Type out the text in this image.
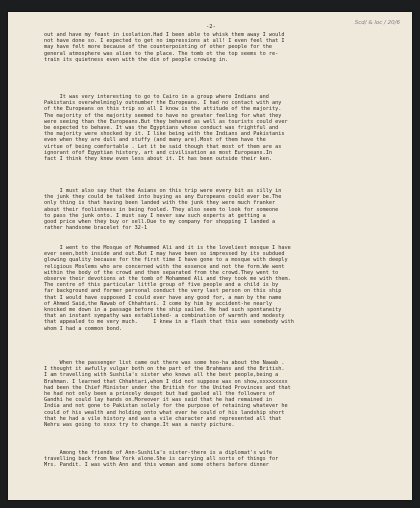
Scd/ & loc / 20/6
-2-
out and have my feast in isolation.Had I been able to whisk them away I would
not have done so. I expected to get no impressions at all! I even feel that I
may have felt more because of the counterpointing of other people for the
general atmosphere was alien to the place. The tomb ot the top seems to re-
train its quietness even with the din of people crowing in.
It was very interesting to go to Cairo in a group where Indians and
Pakistanis overwhelmingly outnumber the Europeans. I had no contact with any
of the Europeans on this trip so all I know is the attitude of the majority.
The majority of the majority seemed to have no greater feeling for what they
were seeing than the Europeans.But they behaved as well as tourists could ever
be expected to behave. It was the Egyptians whose conduct was frightful and
the majority were shocked by it. I like being with the Indians and Pakistanis
even when they are dull and stuffy (and many are).Most of them have the
virtue of being comfortable . Let it be said though that most of them are as
ignorant ofof Egyptian history, art and civilisation as most Europeans.In
fact I think they knew even less about it. It has been outside their ken.
I must also say that the Asians on this trip were every bit as silly in
the junk they could be talked into buying as any Europeans could ever be.The
only thing is that having been landed with the junk they were much franker
about their foolishness in being fooled. They also seem to look for someone
to pass the junk onto. I must say I never saw such experts at getting a
good price when they buy or sell.Due to my company for shopping I landed a
rather handsome bracelet for 32-1
I went to the Mosque of Mohammed Ali and it is the loveliest mosque I have
ever seen,both inside and out.But I may have been so impressed by its subdued
glowing quality because for the first time I have gone to a mosque with deeply
religious Moslems who are concerned with the essence and not the form.We went
within the body of the crowd and then separated from the crowd.They went to
observe their devotions at the tomb of Mohammed Ali and they took me with them.
The centre of this particular little group of five people and a child is by
far background and former personal conduct the very last person on this ship
that I would have supposed I could ever have any good for, a man by the name
of Ahmed Said,the Nawab of Chhahtari. I come by him by accident-he nearly
knocked me down in a passage before the ship sailed. He had such spontaneity
that an instant sympathy was established- a combination of warmth and modesty
that appealed to me very much.     I knew in a flash that this was somebody with
whom I had a common bond.
When the passenger list came out there was some hoo-ha about the Nawab .
I thought it awfully vulgar both on the part of the Brahmans and the British.
I am travelling with Sushila's sister who knows all the best people,being a
Brahman. I learned that Chhahtari,whom I did not suppose was on show,xxxxxxxxx
had been the Chief Minister under the British for the United Provinces and that
he had not only been a princely despot but had gaoled all the followers of
Gandhi he could lay hands on.Moreover it was said that he had remained in
India and not gone to Pakistan solely for the purpose of retaining whatever he
could of his wealth and holding onto what ever he could of his landship short
that he had a vile history and was a vile character and represented all that
Nehru was going to xxxx try to change.It was a nasty picture.
Among the friends of Ann-Sushila's sister-there is a diplomat's wife
travelling back from New York alone.She is carrying all sorts of things for
Mrs. Pandit. I was with Ann and this woman and some others before dinner
